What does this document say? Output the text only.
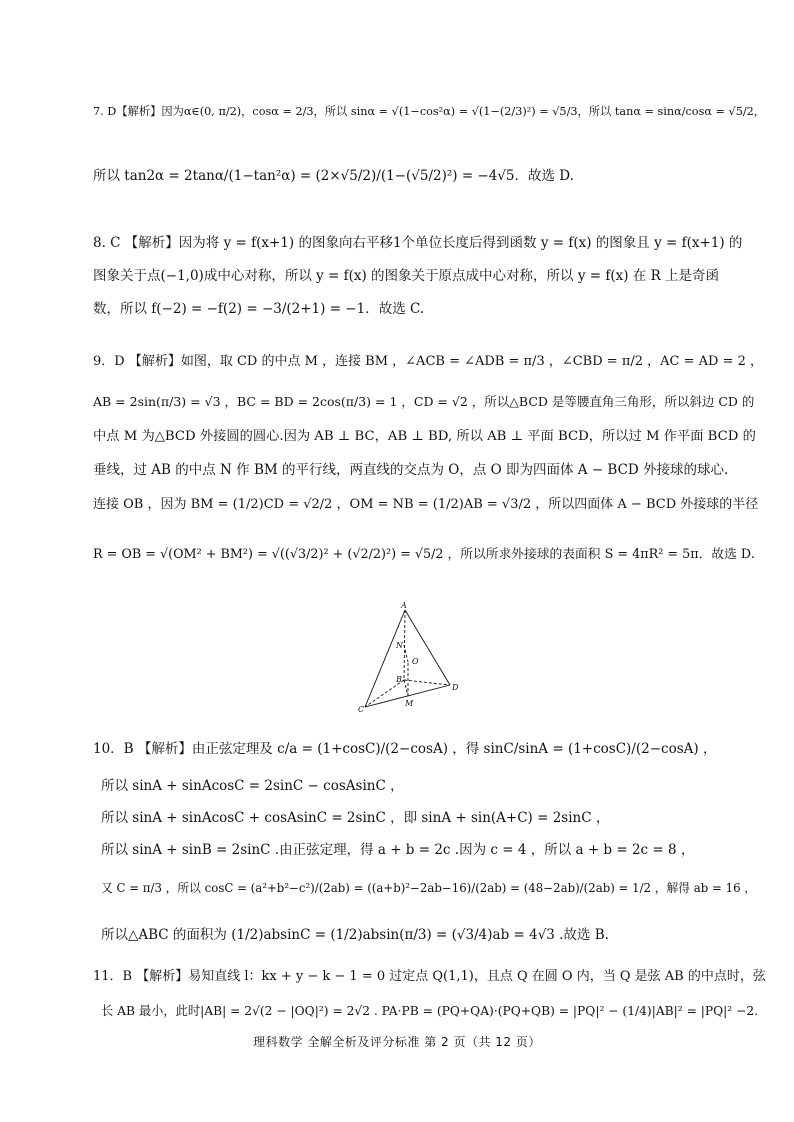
7. D【解析】因为α∈(0, π/2)，cosα = 2/3，所以 sinα = √(1−cos²α) = √(1−(2/3)²) = √5/3，所以 tanα = sinα/cosα = √5/2，
所以 tan2α = 2tanα/(1−tan²α) = (2×√5/2)/(1−(√5/2)²) = −4√5．故选 D.
8. C 【解析】因为将 y = f(x+1) 的图象向右平移1个单位长度后得到函数 y = f(x) 的图象且 y = f(x+1) 的
图象关于点(−1,0)成中心对称，所以 y = f(x) 的图象关于原点成中心对称，所以 y = f(x) 在 R 上是奇函
数，所以 f(−2) = −f(2) = −3/(2+1) = −1．故选 C.
9．D 【解析】如图，取 CD 的中点 M ，连接 BM ，∠ACB = ∠ADB = π/3 ，∠CBD = π/2 ，AC = AD = 2 ，
AB = 2sin(π/3) = √3 ，BC = BD = 2cos(π/3) = 1 ，CD = √2 ，所以△BCD 是等腰直角三角形，所以斜边 CD 的
中点 M 为△BCD 外接圆的圆心.因为 AB ⊥ BC，AB ⊥ BD, 所以 AB ⊥ 平面 BCD，所以过 M 作平面 BCD 的
垂线，过 AB 的中点 N 作 BM 的平行线，两直线的交点为 O，点 O 即为四面体 A − BCD 外接球的球心.
连接 OB ，因为 BM = (1/2)CD = √2/2 ，OM = NB = (1/2)AB = √3/2 ，所以四面体 A − BCD 外接球的半径
R = OB = √(OM² + BM²) = √((√3/2)² + (√2/2)²) = √5/2 ，所以所求外接球的表面积 S = 4πR² = 5π．故选 D.
A
B
C
D
M
N
O
10．B 【解析】由正弦定理及 c/a = (1+cosC)/(2−cosA) ，得 sinC/sinA = (1+cosC)/(2−cosA) ，
所以 sinA + sinAcosC = 2sinC − cosAsinC ，
所以 sinA + sinAcosC + cosAsinC = 2sinC ，即 sinA + sin(A+C) = 2sinC ，
所以 sinA + sinB = 2sinC .由正弦定理，得 a + b = 2c .因为 c = 4 ，所以 a + b = 2c = 8 ，
又 C = π/3 ，所以 cosC = (a²+b²−c²)/(2ab) = ((a+b)²−2ab−16)/(2ab) = (48−2ab)/(2ab) = 1/2 ，解得 ab = 16 ，
所以△ABC 的面积为 (1/2)absinC = (1/2)absin(π/3) = (√3/4)ab = 4√3 .故选 B.
11．B 【解析】易知直线 l：kx + y − k − 1 = 0 过定点 Q(1,1)，且点 Q 在圆 O 内，当 Q 是弦 AB 的中点时，弦
长 AB 最小，此时|AB| = 2√(2 − |OQ|²) = 2√2 . PA·PB = (PQ+QA)·(PQ+QB) = |PQ|² − (1/4)|AB|² = |PQ|² −2.
理科数学 全解全析及评分标准 第 2 页（共 12 页）
